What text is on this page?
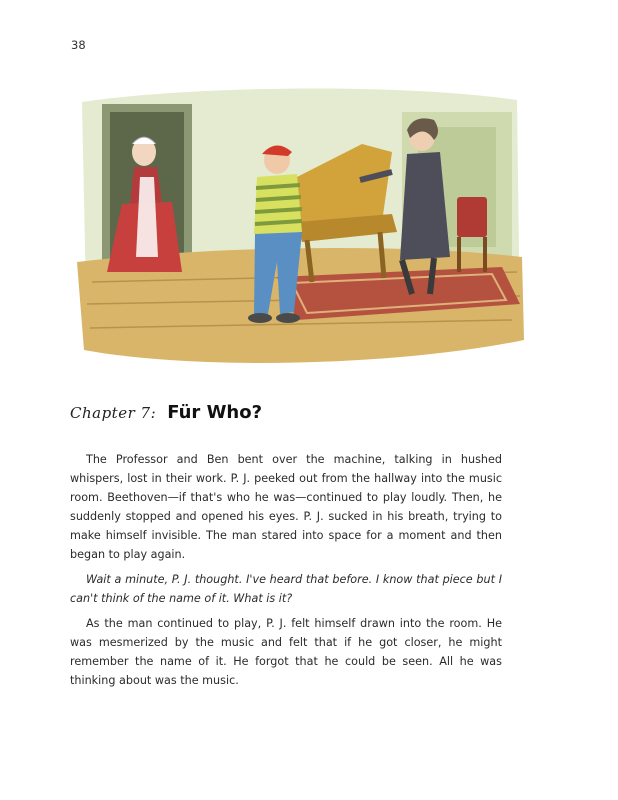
38
Chapter 7: Für Who?

The Professor and Ben bent over the machine, talking in hushed whispers, lost in their work. P. J. peeked out from the hallway into the music room. Beethoven—if that's who he was—continued to play loudly. Then, he suddenly stopped and opened his eyes. P. J. sucked in his breath, trying to make himself invisible. The man stared into space for a moment and then began to play again.

Wait a minute, P. J. thought. I've heard that before. I know that piece but I can't think of the name of it. What is it?

As the man continued to play, P. J. felt himself drawn into the room. He was mesmerized by the music and felt that if he got closer, he might remember the name of it. He forgot that he could be seen. All he was thinking about was the music.
